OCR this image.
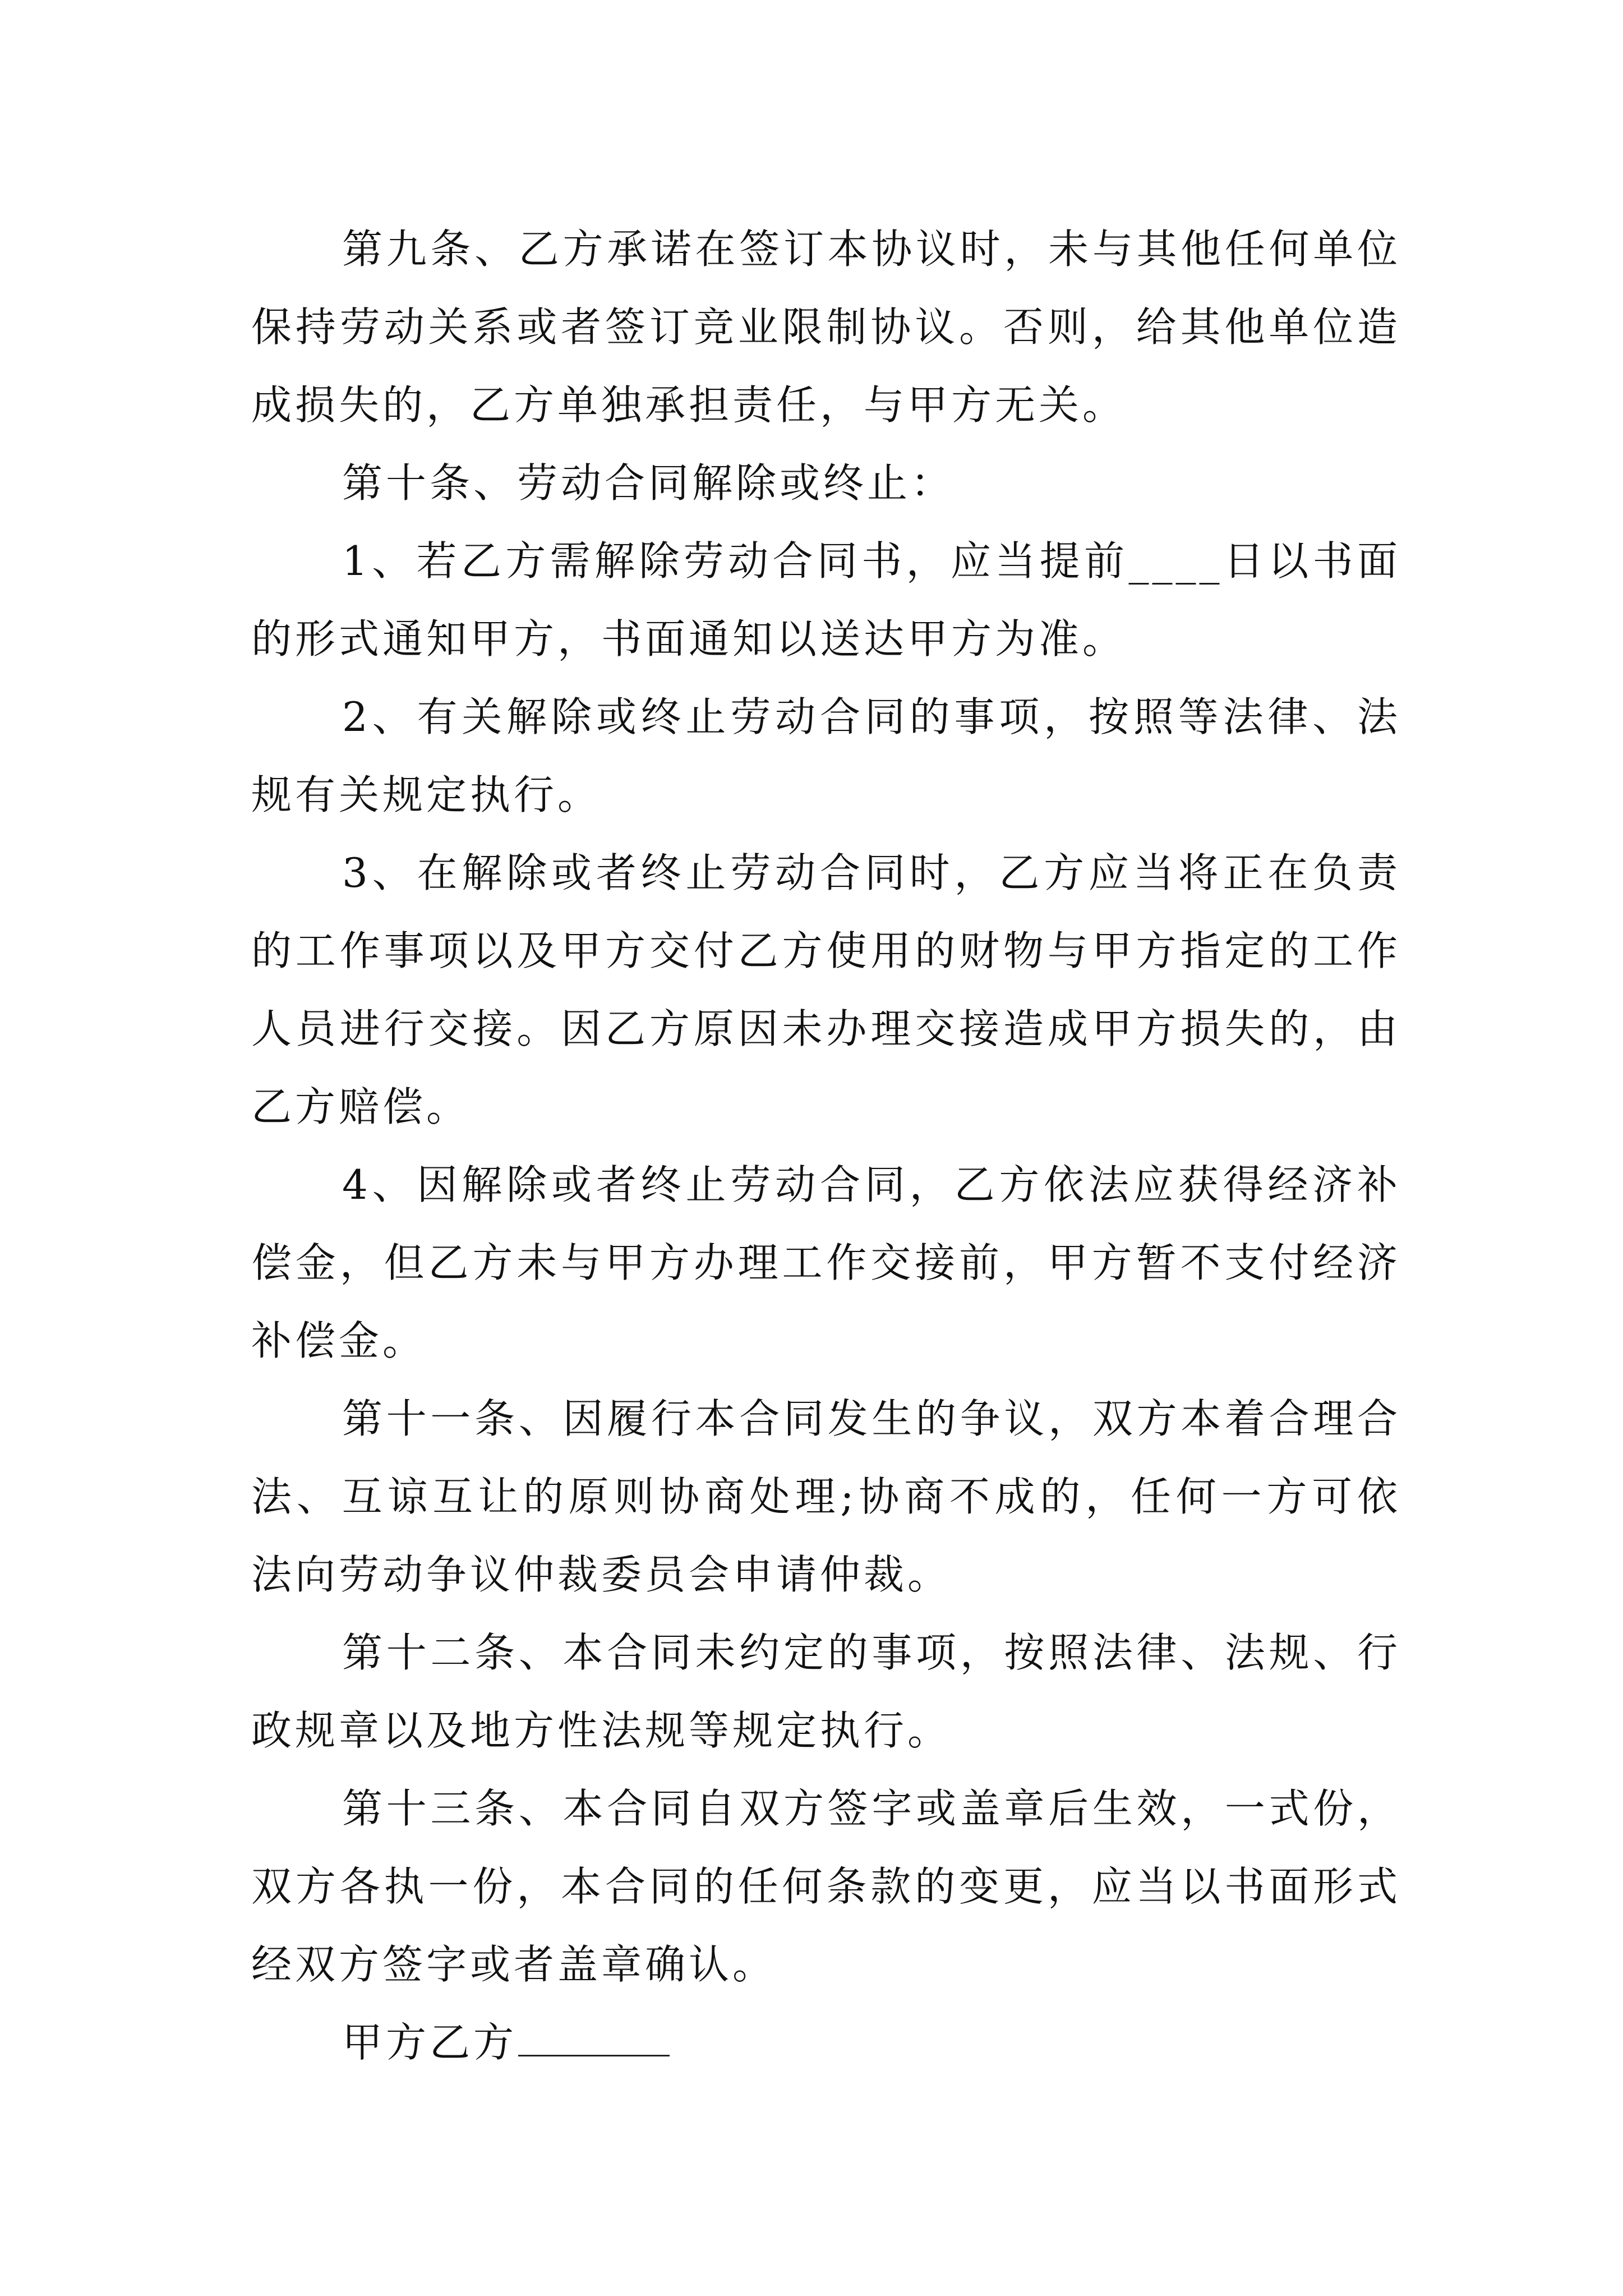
第九条、乙方承诺在签订本协议时，未与其他任何单位保持劳动关系或者签订竞业限制协议。否则，给其他单位造成损失的，乙方单独承担责任，与甲方无关。

第十条、劳动合同解除或终止：

1、若乙方需解除劳动合同书，应当提前____日以书面的形式通知甲方，书面通知以送达甲方为准。

2、有关解除或终止劳动合同的事项，按照等法律、法规有关规定执行。

3、在解除或者终止劳动合同时，乙方应当将正在负责的工作事项以及甲方交付乙方使用的财物与甲方指定的工作人员进行交接。因乙方原因未办理交接造成甲方损失的，由乙方赔偿。

4、因解除或者终止劳动合同，乙方依法应获得经济补偿金，但乙方未与甲方办理工作交接前，甲方暂不支付经济补偿金。

第十一条、因履行本合同发生的争议，双方本着合理合法、互谅互让的原则协商处理;协商不成的，任何一方可依法向劳动争议仲裁委员会申请仲裁。

第十二条、本合同未约定的事项，按照法律、法规、行政规章以及地方性法规等规定执行。

第十三条、本合同自双方签字或盖章后生效，一式份，双方各执一份，本合同的任何条款的变更，应当以书面形式经双方签字或者盖章确认。

甲方乙方
